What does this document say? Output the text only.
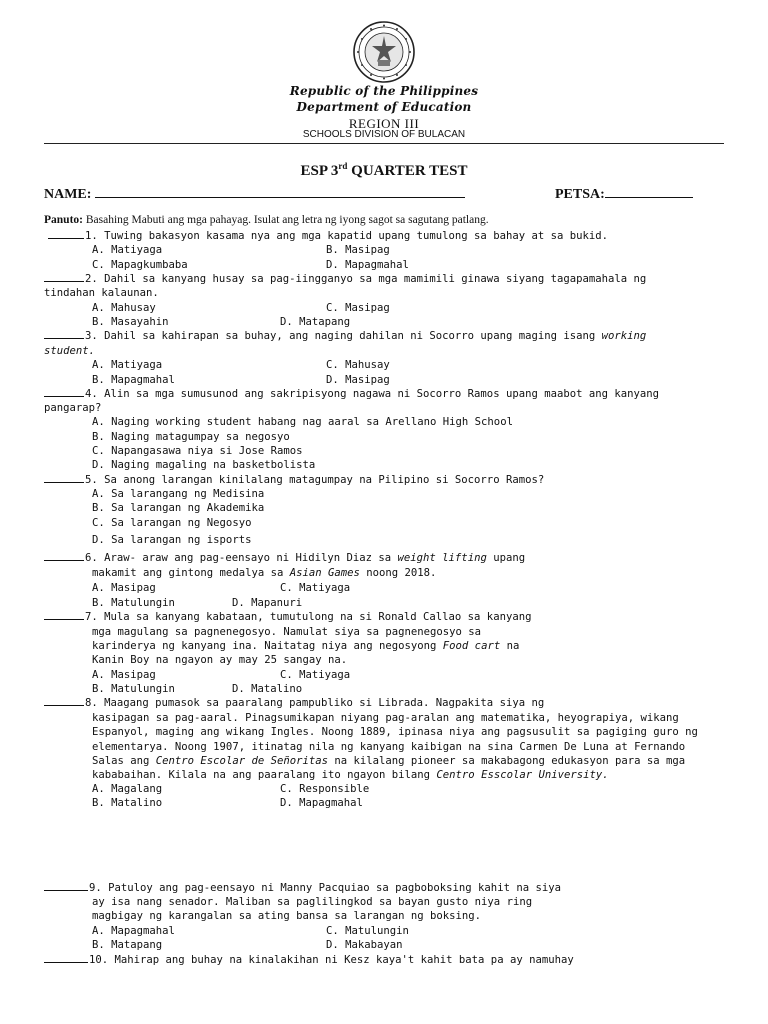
Republic of the Philippines
Department of Education
REGION III
SCHOOLS DIVISION OF BULACAN
ESP 3rd QUARTER TEST
NAME:	PETSA:
Panuto: Basahing Mabuti ang mga pahayag. Isulat ang letra ng iyong sagot sa sagutang patlang.
1. Tuwing bakasyon kasama nya ang mga kapatid upang tumulong sa bahay at sa bukid.
A. Matiyaga	B. Masipag
C. Mapagkumbaba	D. Mapagmahal
2. Dahil sa kanyang husay sa pag-iingganyo sa mga mamimili ginawa siyang tagapamahala ng
tindahan kalaunan.
A. Mahusay	C. Masipag
B. Masayahin	D. Matapang
3. Dahil sa kahirapan sa buhay, ang naging dahilan ni Socorro upang maging isang working
student.
A. Matiyaga	C. Mahusay
B. Mapagmahal	D. Masipag
4. Alin sa mga sumusunod ang sakripisyong nagawa ni Socorro Ramos upang maabot ang kanyang
pangarap?
A. Naging working student habang nag aaral sa Arellano High School
B. Naging matagumpay sa negosyo
C. Napangasawa niya si Jose Ramos
D. Naging magaling na basketbolista
5. Sa anong larangan kinilalang matagumpay na Pilipino si Socorro Ramos?
A. Sa larangang ng Medisina
B. Sa larangan ng Akademika
C. Sa larangan ng Negosyo
D. Sa larangan ng isports
6. Araw- araw ang pag-eensayo ni Hidilyn Diaz sa weight lifting upang
makamit ang gintong medalya sa Asian Games noong 2018.
A. Masipag	C. Matiyaga
B. Matulungin	D. Mapanuri
7. Mula sa kanyang kabataan, tumutulong na si Ronald Callao sa kanyang
mga magulang sa pagnenegosyo. Namulat siya sa pagnenegosyo sa
karinderya ng kanyang ina. Naitatag niya ang negosyong Food cart na
Kanin Boy na ngayon ay may 25 sangay na.
A. Masipag	C. Matiyaga
B. Matulungin	D. Matalino
8. Maagang pumasok sa paaralang pampubliko si Librada. Nagpakita siya ng
kasipagan sa pag-aaral. Pinagsumikapan niyang pag-aralan ang matematika, heyograpiya, wikang
Espanyol, maging ang wikang Ingles. Noong 1889, ipinasa niya ang pagsusulit sa pagiging guro ng
elementarya. Noong 1907, itinatag nila ng kanyang kaibigan na sina Carmen De Luna at Fernando
Salas ang Centro Escolar de Señoritas na kilalang pioneer sa makabagong edukasyon para sa mga
kababaihan. Kilala na ang paaralang ito ngayon bilang Centro Esscolar University.
A. Magalang	C. Responsible
B. Matalino	D. Mapagmahal
9. Patuloy ang pag-eensayo ni Manny Pacquiao sa pagboboksing kahit na siya
ay isa nang senador. Maliban sa paglilingkod sa bayan gusto niya ring
magbigay ng karangalan sa ating bansa sa larangan ng boksing.
A. Mapagmahal	C. Matulungin
B. Matapang	D. Makabayan
10. Mahirap ang buhay na kinalakihan ni Kesz kaya't kahit bata pa ay namuhay
